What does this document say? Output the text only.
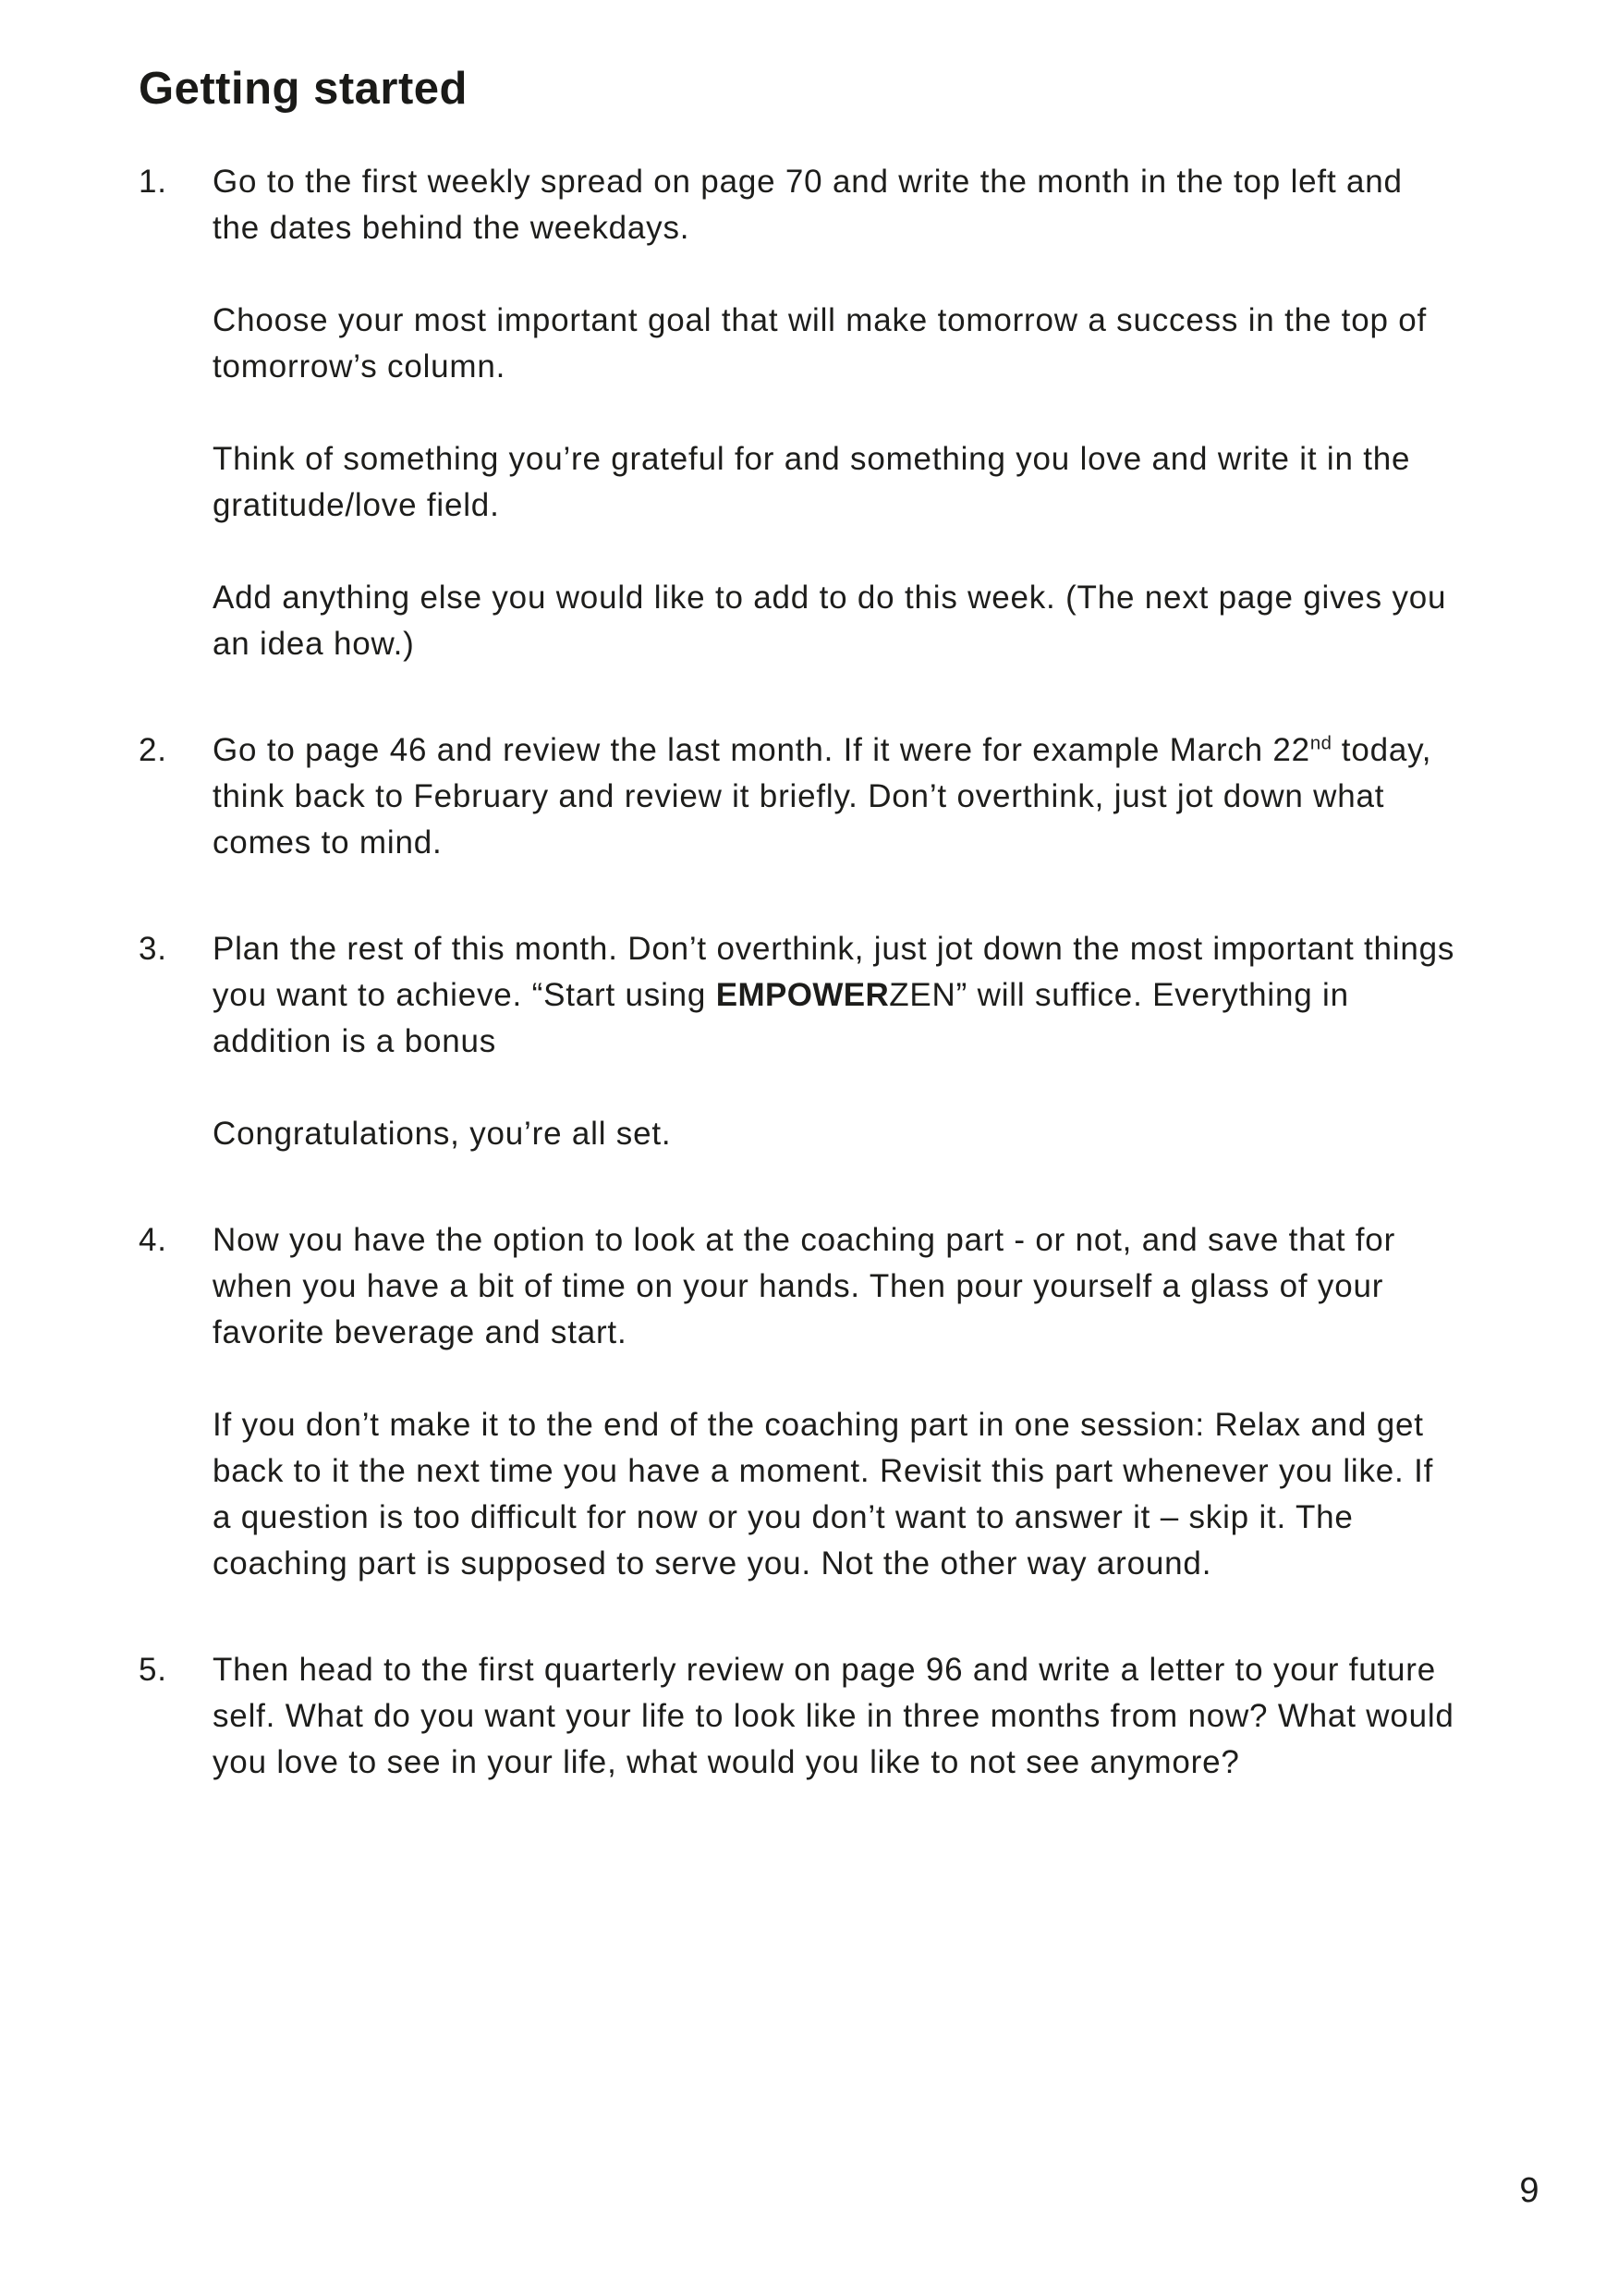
Getting started
1.	Go to the first weekly spread on page 70 and write the month in the top left and the dates behind the weekdays.

Choose your most important goal that will make tomorrow a success in the top of tomorrow’s column.

Think of something you’re grateful for and something you love and write it in the gratitude/love field.

Add anything else you would like to add to do this week. (The next page gives you an idea how.)

2.	Go to page 46 and review the last month. If it were for example March 22nd today, think back to February and review it briefly. Don’t overthink, just jot down what comes to mind.

3.	Plan the rest of this month. Don’t overthink, just jot down the most important things you want to achieve. “Start using EMPOWERZEN” will suffice. Everything in addition is a bonus

Congratulations, you’re all set.

4.	Now you have the option to look at the coaching part - or not, and save that for when you have a bit of time on your hands. Then pour yourself a glass of your favorite beverage and start.

If you don’t make it to the end of the coaching part in one session: Relax and get back to it the next time you have a moment. Revisit this part whenever you like. If a question is too difficult for now or you don’t want to answer it – skip it. The coaching part is supposed to serve you. Not the other way around.

5.	Then head to the first quarterly review on page 96 and write a letter to your future self. What do you want your life to look like in three months from now? What would you love to see in your life, what would you like to not see anymore?

9
